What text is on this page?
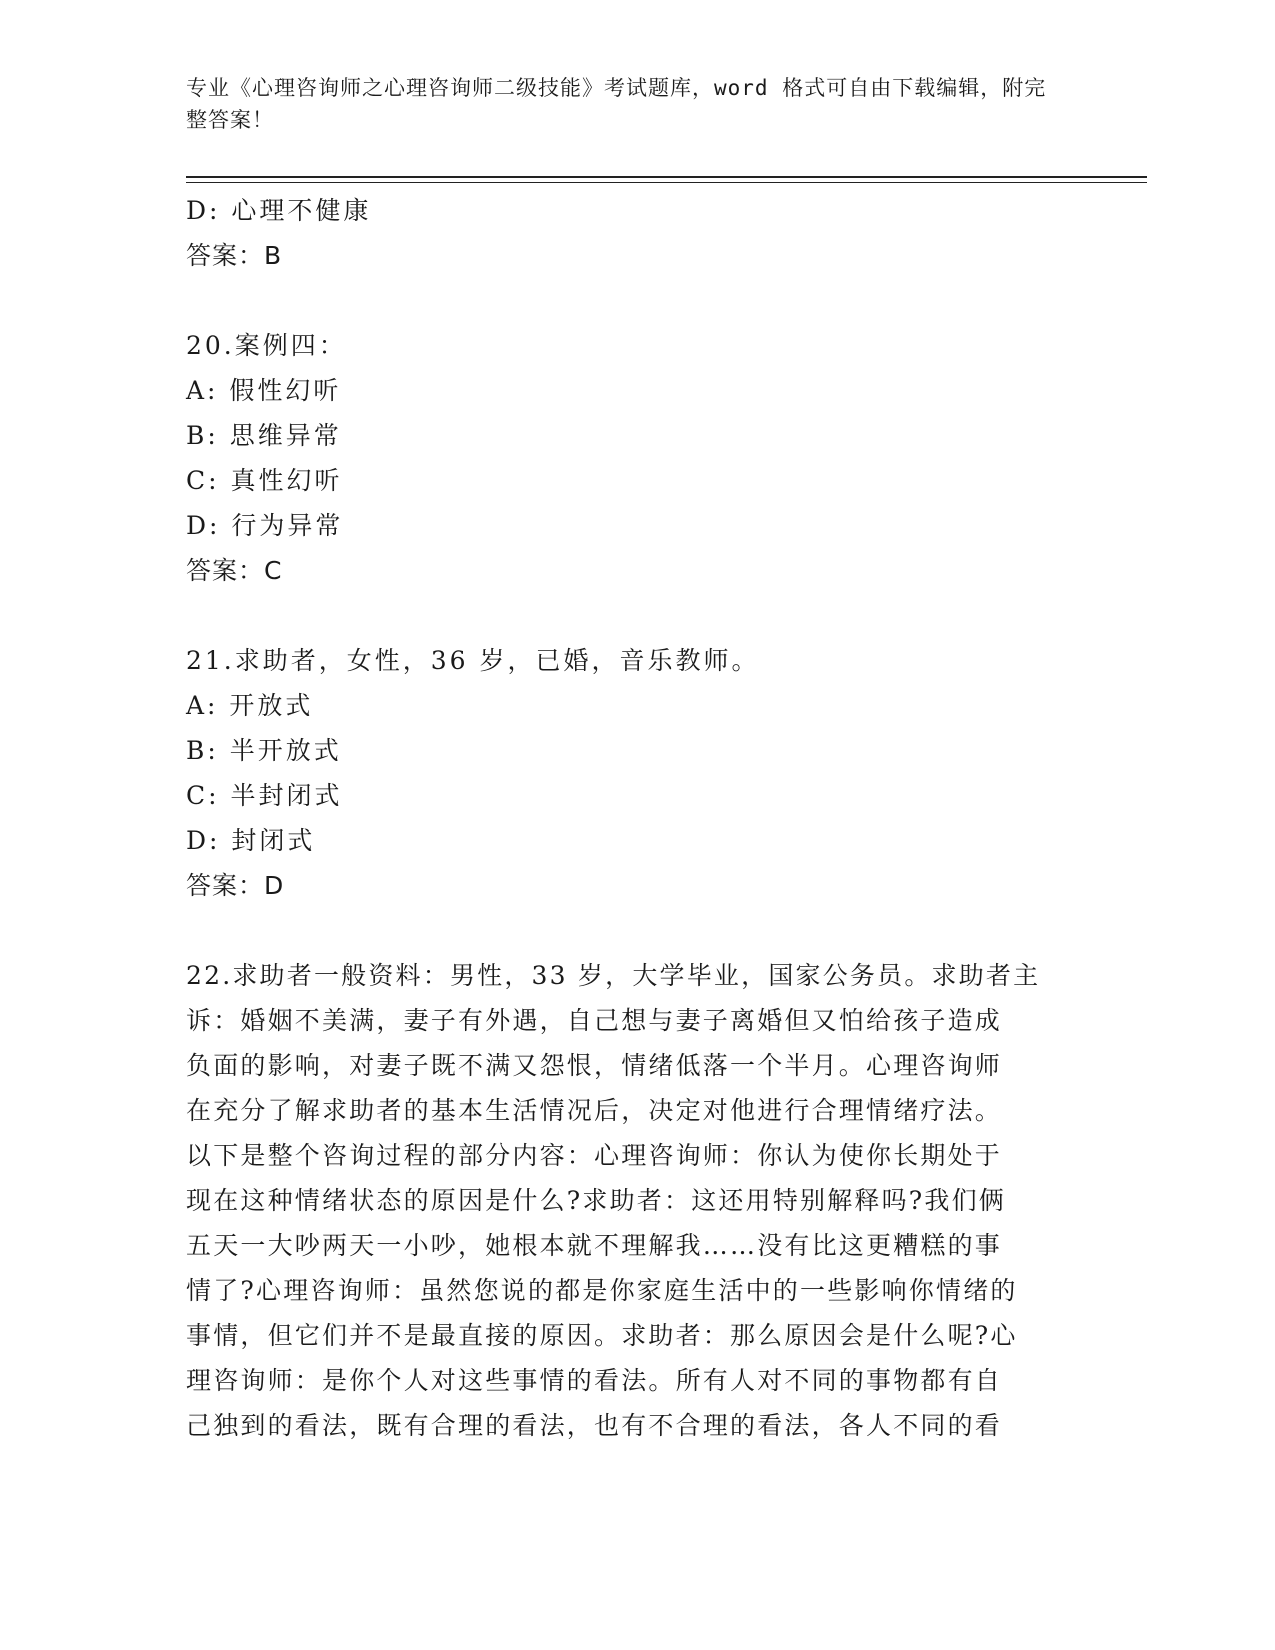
专业《心理咨询师之心理咨询师二级技能》考试题库，word 格式可自由下载编辑，附完整答案！
D: 心理不健康
答案：B
20.案例四：
A: 假性幻听
B: 思维异常
C: 真性幻听
D: 行为异常
答案：C
21.求助者，女性，36 岁，已婚，音乐教师。
A: 开放式
B: 半开放式
C: 半封闭式
D: 封闭式
答案：D
22.求助者一般资料：男性，33 岁，大学毕业，国家公务员。求助者主
诉：婚姻不美满，妻子有外遇，自己想与妻子离婚但又怕给孩子造成
负面的影响，对妻子既不满又怨恨，情绪低落一个半月。心理咨询师
在充分了解求助者的基本生活情况后，决定对他进行合理情绪疗法。
以下是整个咨询过程的部分内容：心理咨询师：你认为使你长期处于
现在这种情绪状态的原因是什么?求助者：这还用特别解释吗?我们俩
五天一大吵两天一小吵，她根本就不理解我……没有比这更糟糕的事
情了?心理咨询师：虽然您说的都是你家庭生活中的一些影响你情绪的
事情，但它们并不是最直接的原因。求助者：那么原因会是什么呢?心
理咨询师：是你个人对这些事情的看法。所有人对不同的事物都有自
己独到的看法，既有合理的看法，也有不合理的看法，各人不同的看
